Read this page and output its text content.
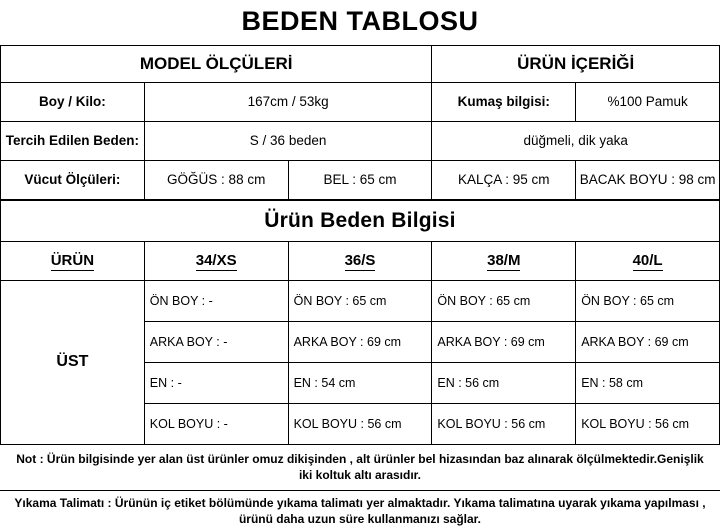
BEDEN TABLOSU
MODEL ÖLÇÜLERİ			ÜRÜN İÇERİĞİ	
Boy / Kilo:	167cm / 53kg		Kumaş bilgisi:	%100 Pamuk
Tercih Edilen Beden:	S / 36 beden		düğmeli, dik yaka	
Vücut Ölçüleri:	GÖĞÜS : 88 cm	BEL : 65 cm	KALÇA : 95 cm	BACAK BOYU : 98 cm
Ürün Beden Bilgisi				
ÜRÜN	34/XS	36/S	38/M	40/L
ÜST	ÖN BOY : -	ÖN BOY : 65 cm	ÖN BOY : 65 cm	ÖN BOY : 65 cm
	ARKA BOY : -	ARKA BOY : 69 cm	ARKA BOY : 69 cm	ARKA BOY : 69 cm
	EN : -	EN : 54 cm	EN : 56 cm	EN : 58 cm
	KOL BOYU : -	KOL BOYU : 56 cm	KOL BOYU : 56 cm	KOL BOYU : 56 cm
Not : Ürün bilgisinde yer alan üst ürünler omuz dikişinden , alt ürünler bel hizasından baz alınarak ölçülmektedir.Genişlik iki koltuk altı arasıdır.
Yıkama Talimatı : Ürünün iç etiket bölümünde yıkama talimatı yer almaktadır. Yıkama talimatına uyarak yıkama yapılması , ürünü daha uzun süre kullanmanızı sağlar.
